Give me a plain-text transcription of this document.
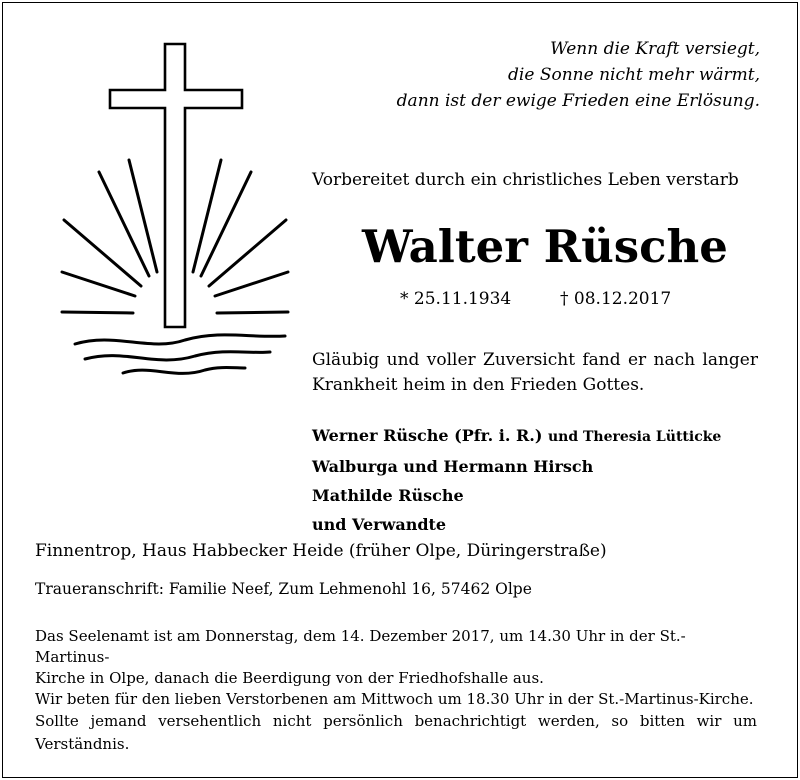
Wenn die Kraft versiegt,
die Sonne nicht mehr wärmt,
dann ist der ewige Frieden eine Erlösung.
Vorbereitet durch ein christliches Leben verstarb
Walter Rüsche
* 25.11.1934	† 08.12.2017
Gläubig und voller Zuversicht fand er nach langer Krankheit heim in den Frieden Gottes.
Werner Rüsche (Pfr. i. R.) und Theresia Lütticke
Walburga und Hermann Hirsch
Mathilde Rüsche
und Verwandte
Finnentrop, Haus Habbecker Heide (früher Olpe, Düringerstraße)
Traueranschrift: Familie Neef, Zum Lehmenohl 16, 57462 Olpe
Das Seelenamt ist am Donnerstag, dem 14. Dezember 2017, um 14.30 Uhr in der St.-Martinus-
Kirche in Olpe, danach die Beerdigung von der Friedhofshalle aus.
Wir beten für den lieben Verstorbenen am Mittwoch um 18.30 Uhr in der St.-Martinus-Kirche.
Sollte jemand versehentlich nicht persönlich benachrichtigt werden, so bitten wir um Verständnis.
